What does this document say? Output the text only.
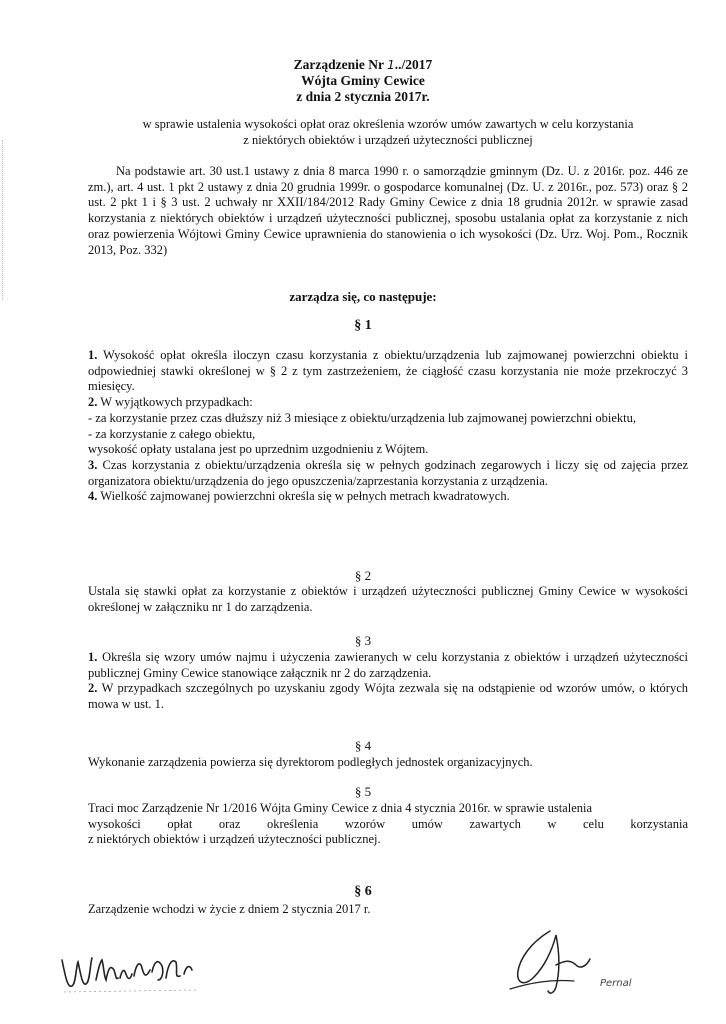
Zarządzenie Nr 1../2017
Wójta Gminy Cewice
z dnia 2 stycznia 2017r.
w sprawie ustalenia wysokości opłat oraz określenia wzorów umów zawartych w celu korzystania
z niektórych obiektów i urządzeń użyteczności publicznej
Na podstawie art. 30 ust.1 ustawy z dnia 8 marca 1990 r. o samorządzie gminnym (Dz. U. z 2016r. poz. 446 ze zm.), art. 4 ust. 1 pkt 2 ustawy z dnia 20 grudnia 1999r. o gospodarce komunalnej (Dz. U. z 2016r., poz. 573) oraz § 2 ust. 2 pkt 1 i § 3 ust. 2 uchwały nr XXII/184/2012 Rady Gminy Cewice z dnia 18 grudnia 2012r. w sprawie zasad korzystania z niektórych obiektów i urządzeń użyteczności publicznej, sposobu ustalania opłat za korzystanie z nich oraz powierzenia Wójtowi Gminy Cewice uprawnienia do stanowienia o ich wysokości (Dz. Urz. Woj. Pom., Rocznik 2013, Poz. 332)
zarządza się, co następuje:
§ 1
1. Wysokość opłat określa iloczyn czasu korzystania z obiektu/urządzenia lub zajmowanej powierzchni obiektu i odpowiedniej stawki określonej w § 2 z tym zastrzeżeniem, że ciągłość czasu korzystania nie może przekroczyć 3 miesięcy.
2. W wyjątkowych przypadkach:
- za korzystanie przez czas dłuższy niż 3 miesiące z obiektu/urządzenia lub zajmowanej powierzchni obiektu,
- za korzystanie z całego obiektu,
wysokość opłaty ustalana jest po uprzednim uzgodnieniu z Wójtem.
3. Czas korzystania z obiektu/urządzenia określa się w pełnych godzinach zegarowych i liczy się od zajęcia przez organizatora obiektu/urządzenia do jego opuszczenia/zaprzestania korzystania z urządzenia.
4. Wielkość zajmowanej powierzchni określa się w pełnych metrach kwadratowych.
§ 2
Ustala się stawki opłat za korzystanie z obiektów i urządzeń użyteczności publicznej Gminy Cewice w wysokości określonej w załączniku nr 1 do zarządzenia.
§ 3
1. Określa się wzory umów najmu i użyczenia zawieranych w celu korzystania z obiektów i urządzeń użyteczności publicznej Gminy Cewice stanowiące załącznik nr 2 do zarządzenia.
2. W przypadkach szczególnych po uzyskaniu zgody Wójta zezwala się na odstąpienie od wzorów umów, o których mowa w ust. 1.
§ 4
Wykonanie zarządzenia powierza się dyrektorom podległych jednostek organizacyjnych.
§ 5
Traci moc Zarządzenie Nr 1/2016 Wójta Gminy Cewice z dnia 4 stycznia 2016r. w sprawie ustalenia
wysokości opłat oraz określenia wzorów umów zawartych w celu korzystania
z niektórych obiektów i urządzeń użyteczności publicznej.
§ 6
Zarządzenie wchodzi w życie z dniem 2 stycznia 2017 r.
Pernal
